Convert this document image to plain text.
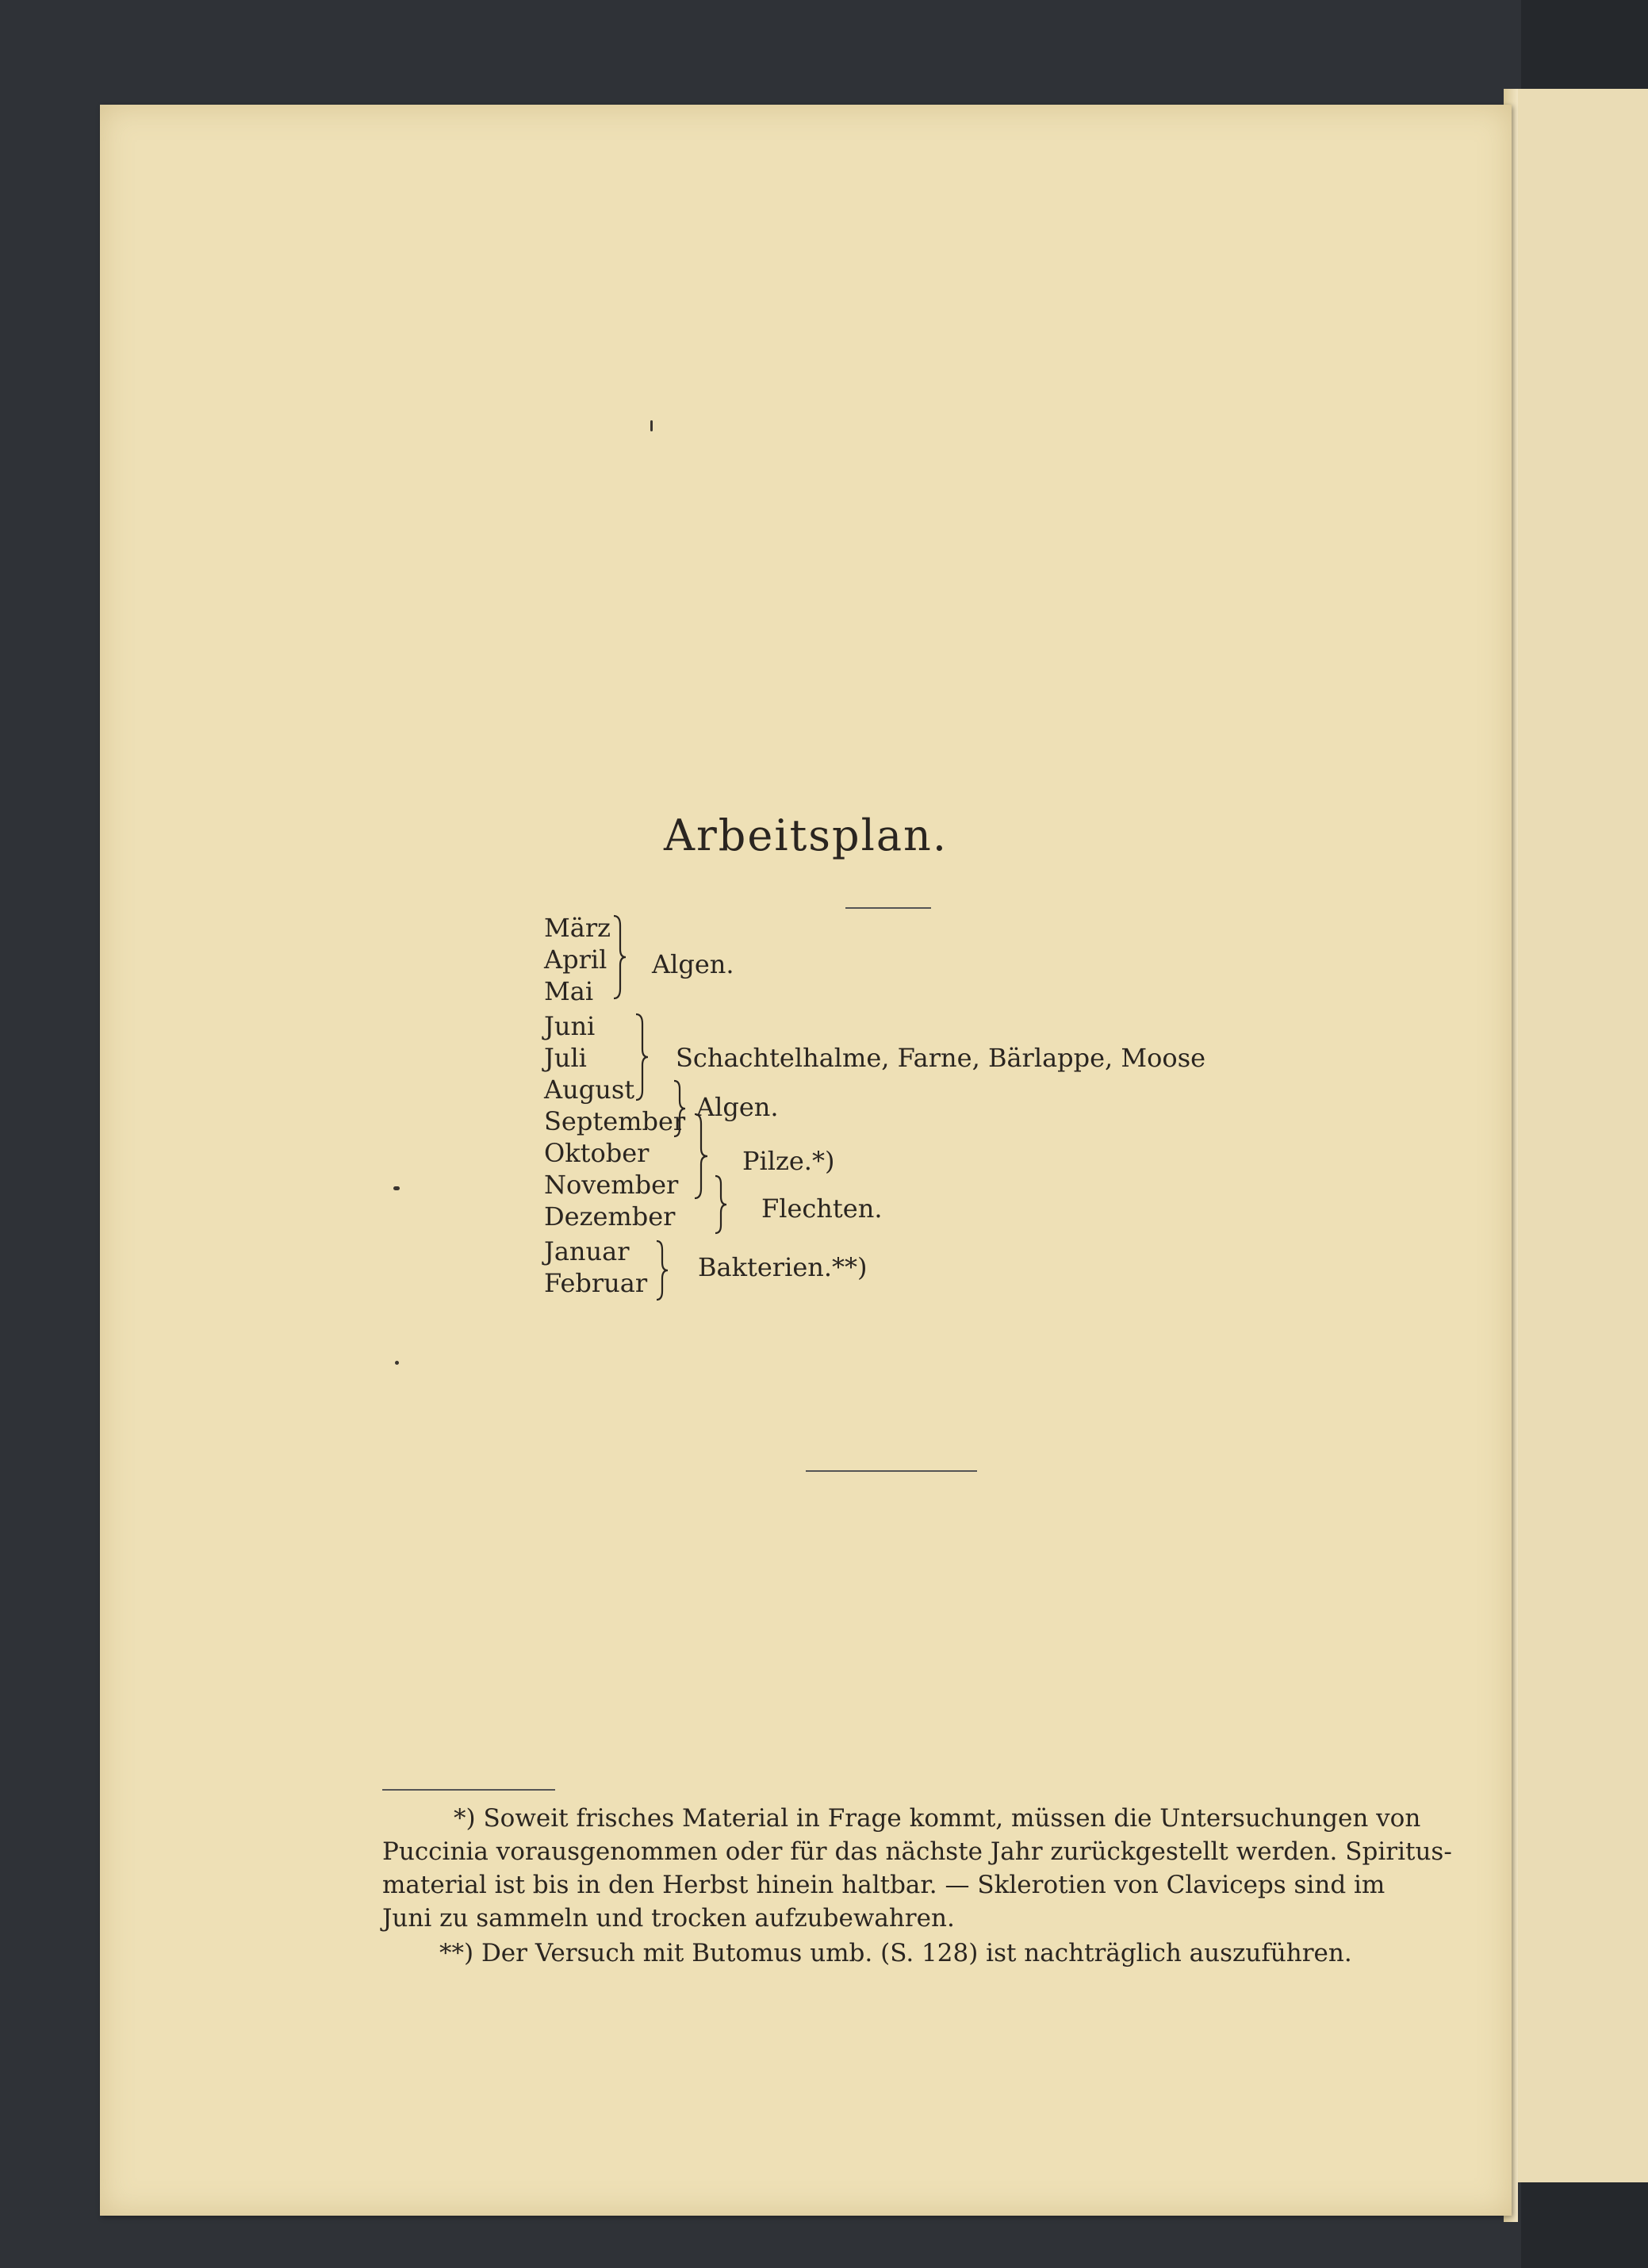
Arbeitsplan.
März
April
Mai
Juni
Juli
August
September
Oktober
November
Dezember
Januar
Februar
Algen.
Schachtelhalme, Farne, Bärlappe, Moose
Algen.
Pilze.*)
Flechten.
Bakterien.**)
*) Soweit frisches Material in Frage kommt, müssen die Untersuchungen von
Puccinia vorausgenommen oder für das nächste Jahr zurückgestellt werden. Spiritus-
material ist bis in den Herbst hinein haltbar. — Sklerotien von Claviceps sind im
Juni zu sammeln und trocken aufzubewahren.
**) Der Versuch mit Butomus umb. (S. 128) ist nachträglich auszuführen.
